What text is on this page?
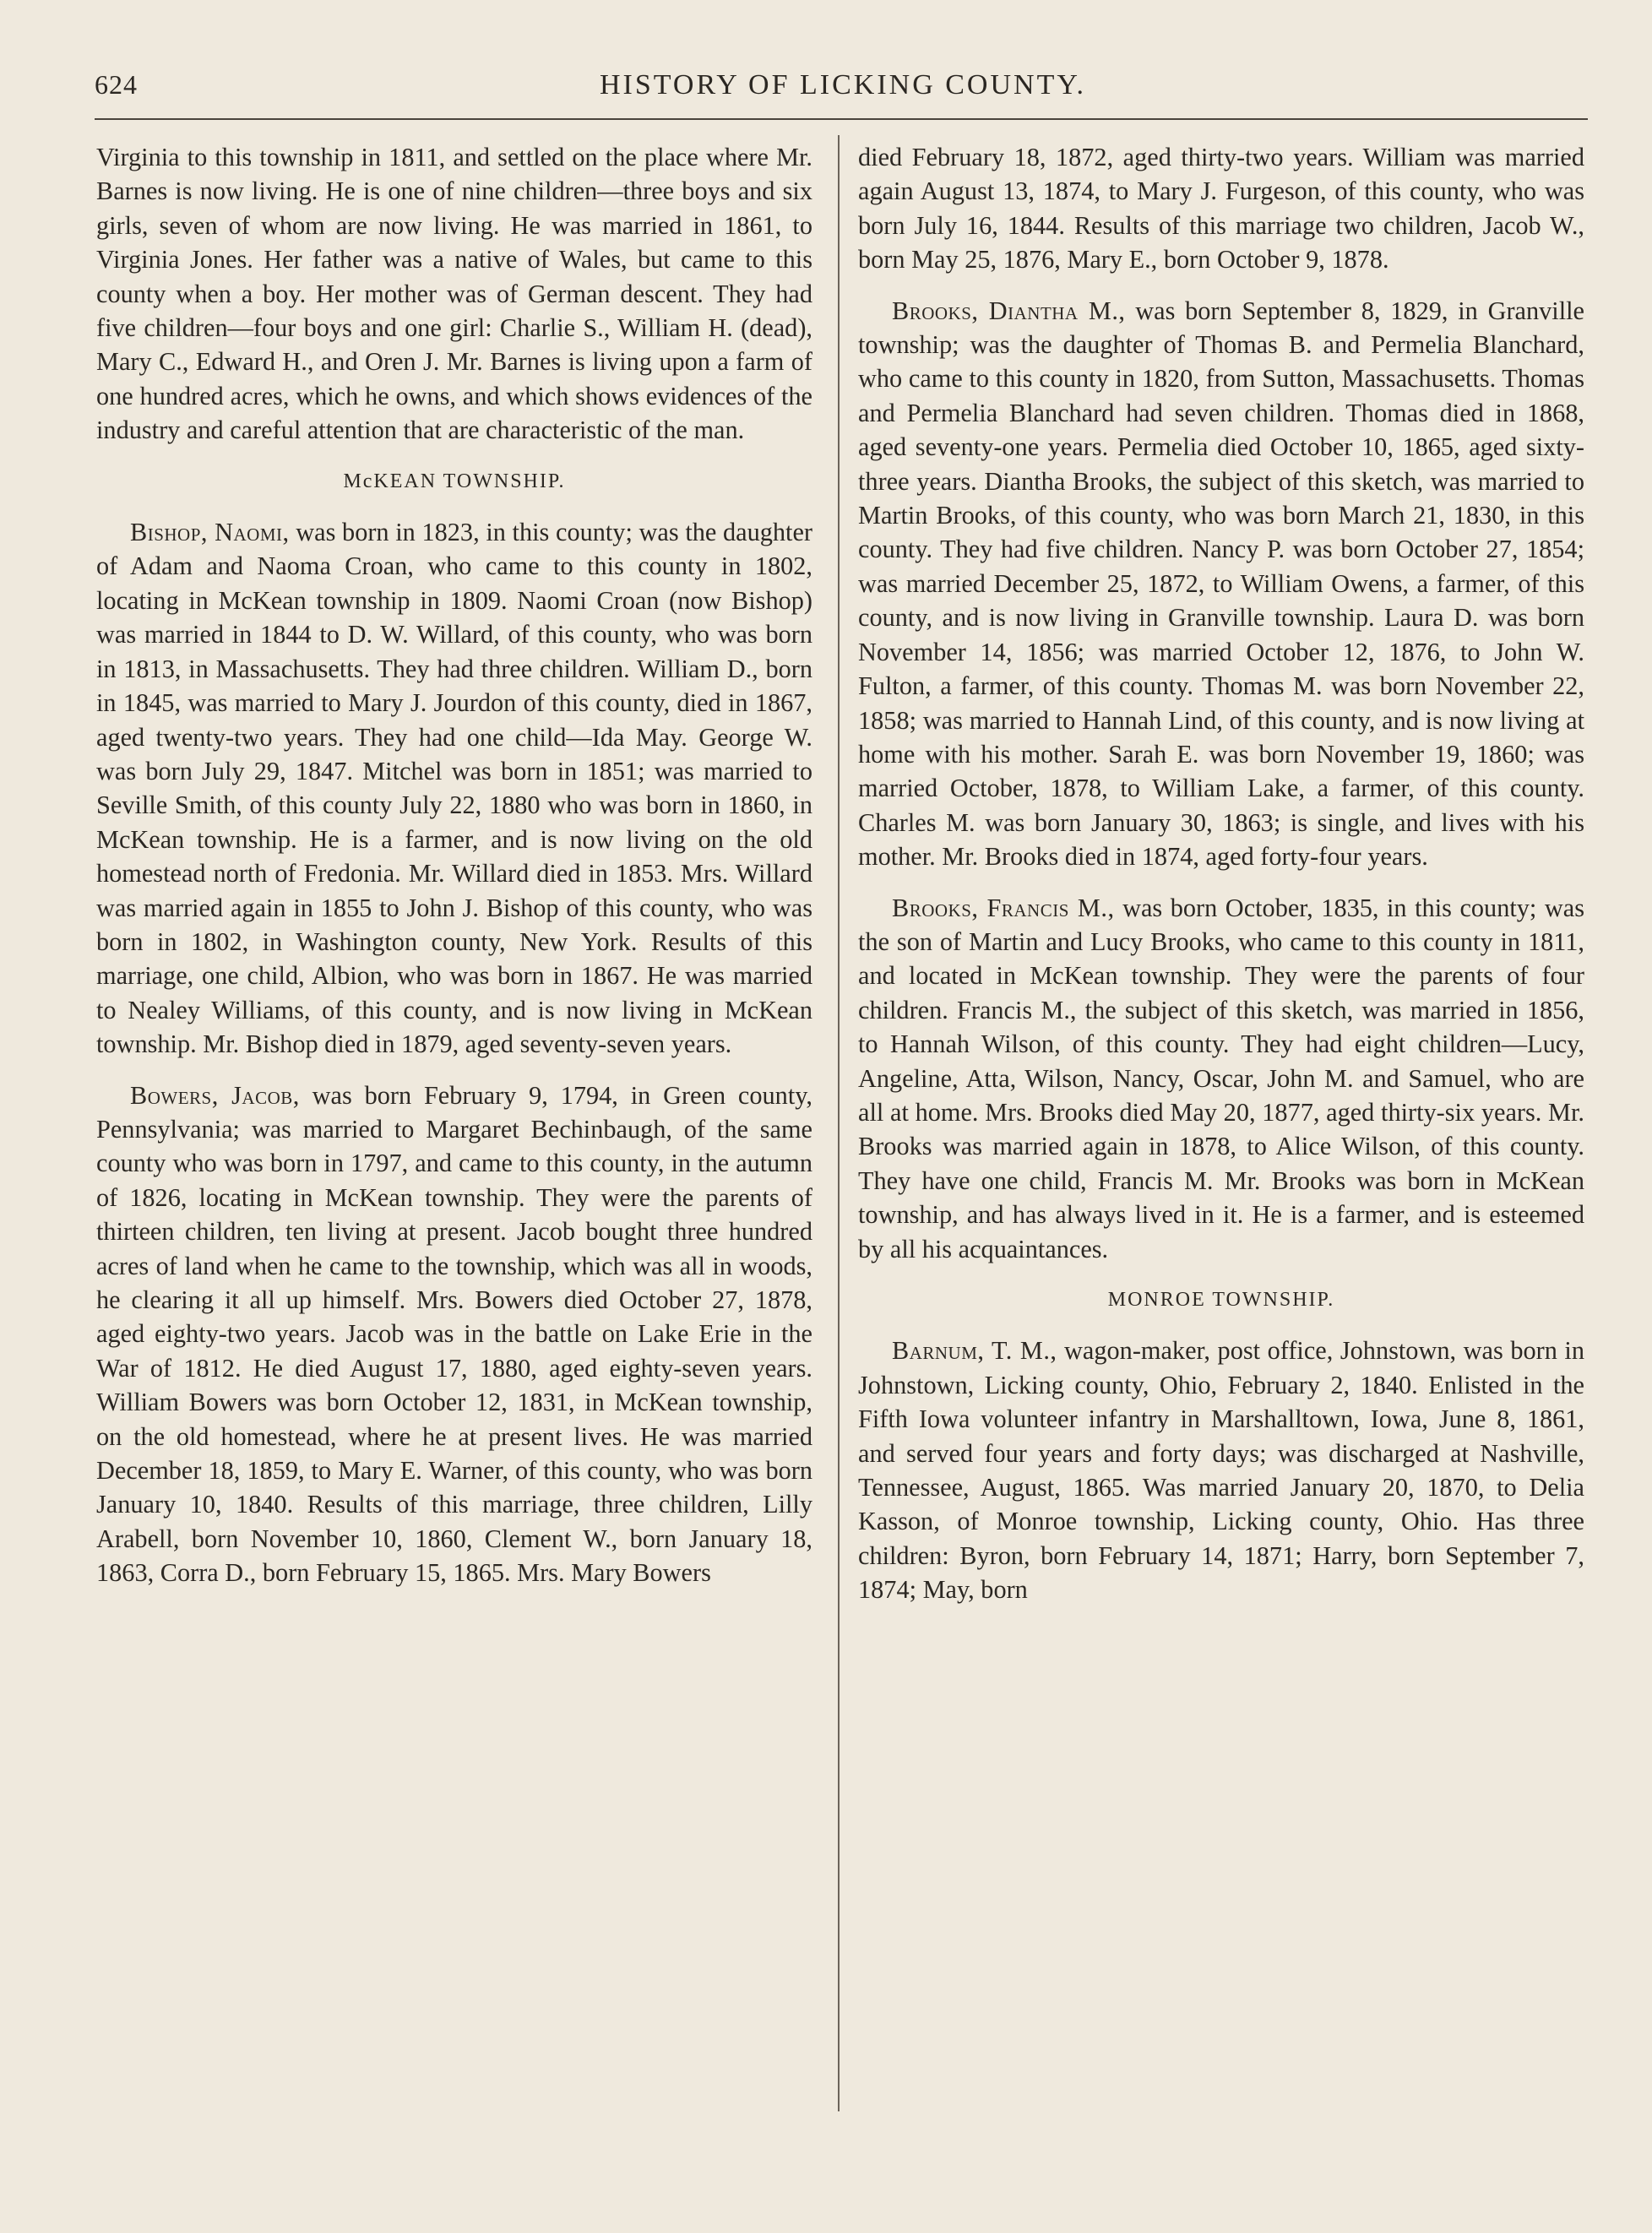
624	HISTORY OF LICKING COUNTY.

Virginia to this township in 1811, and settled on the place where Mr. Barnes is now living. He is one of nine children—three boys and six girls, seven of whom are now living. He was married in 1861, to Virginia Jones. Her father was a native of Wales, but came to this county when a boy. Her mother was of German descent. They had five children—four boys and one girl: Charlie S., William H. (dead), Mary C., Edward H., and Oren J. Mr. Barnes is living upon a farm of one hundred acres, which he owns, and which shows evidences of the industry and careful attention that are characteristic of the man.

McKEAN TOWNSHIP.

Bishop, Naomi, was born in 1823, in this county; was the daughter of Adam and Naoma Croan, who came to this county in 1802, locating in McKean township in 1809. Naomi Croan (now Bishop) was married in 1844 to D. W. Willard, of this county, who was born in 1813, in Massachusetts. They had three children. William D., born in 1845, was married to Mary J. Jourdon of this county, died in 1867, aged twenty-two years. They had one child—Ida May. George W. was born July 29, 1847. Mitchel was born in 1851; was married to Seville Smith, of this county July 22, 1880 who was born in 1860, in McKean township. He is a farmer, and is now living on the old homestead north of Fredonia. Mr. Willard died in 1853. Mrs. Willard was married again in 1855 to John J. Bishop of this county, who was born in 1802, in Washington county, New York. Results of this marriage, one child, Albion, who was born in 1867. He was married to Nealey Williams, of this county, and is now living in McKean township. Mr. Bishop died in 1879, aged seventy-seven years.

Bowers, Jacob, was born February 9, 1794, in Green county, Pennsylvania; was married to Margaret Bechinbaugh, of the same county who was born in 1797, and came to this county, in the autumn of 1826, locating in McKean township. They were the parents of thirteen children, ten living at present. Jacob bought three hundred acres of land when he came to the township, which was all in woods, he clearing it all up himself. Mrs. Bowers died October 27, 1878, aged eighty-two years. Jacob was in the battle on Lake Erie in the War of 1812. He died August 17, 1880, aged eighty-seven years. William Bowers was born October 12, 1831, in McKean township, on the old homestead, where he at present lives. He was married December 18, 1859, to Mary E. Warner, of this county, who was born January 10, 1840. Results of this marriage, three children, Lilly Arabell, born November 10, 1860, Clement W., born January 18, 1863, Corra D., born February 15, 1865. Mrs. Mary Bowers

died February 18, 1872, aged thirty-two years. William was married again August 13, 1874, to Mary J. Furgeson, of this county, who was born July 16, 1844. Results of this marriage two children, Jacob W., born May 25, 1876, Mary E., born October 9, 1878.

Brooks, Diantha M., was born September 8, 1829, in Granville township; was the daughter of Thomas B. and Permelia Blanchard, who came to this county in 1820, from Sutton, Massachusetts. Thomas and Permelia Blanchard had seven children. Thomas died in 1868, aged seventy-one years. Permelia died October 10, 1865, aged sixty-three years. Diantha Brooks, the subject of this sketch, was married to Martin Brooks, of this county, who was born March 21, 1830, in this county. They had five children. Nancy P. was born October 27, 1854; was married December 25, 1872, to William Owens, a farmer, of this county, and is now living in Granville township. Laura D. was born November 14, 1856; was married October 12, 1876, to John W. Fulton, a farmer, of this county. Thomas M. was born November 22, 1858; was married to Hannah Lind, of this county, and is now living at home with his mother. Sarah E. was born November 19, 1860; was married October, 1878, to William Lake, a farmer, of this county. Charles M. was born January 30, 1863; is single, and lives with his mother. Mr. Brooks died in 1874, aged forty-four years.

Brooks, Francis M., was born October, 1835, in this county; was the son of Martin and Lucy Brooks, who came to this county in 1811, and located in McKean township. They were the parents of four children. Francis M., the subject of this sketch, was married in 1856, to Hannah Wilson, of this county. They had eight children—Lucy, Angeline, Atta, Wilson, Nancy, Oscar, John M. and Samuel, who are all at home. Mrs. Brooks died May 20, 1877, aged thirty-six years. Mr. Brooks was married again in 1878, to Alice Wilson, of this county. They have one child, Francis M. Mr. Brooks was born in McKean township, and has always lived in it. He is a farmer, and is esteemed by all his acquaintances.

MONROE TOWNSHIP.

Barnum, T. M., wagon-maker, post office, Johnstown, was born in Johnstown, Licking county, Ohio, February 2, 1840. Enlisted in the Fifth Iowa volunteer infantry in Marshalltown, Iowa, June 8, 1861, and served four years and forty days; was discharged at Nashville, Tennessee, August, 1865. Was married January 20, 1870, to Delia Kasson, of Monroe township, Licking county, Ohio. Has three children: Byron, born February 14, 1871; Harry, born September 7, 1874; May, born
